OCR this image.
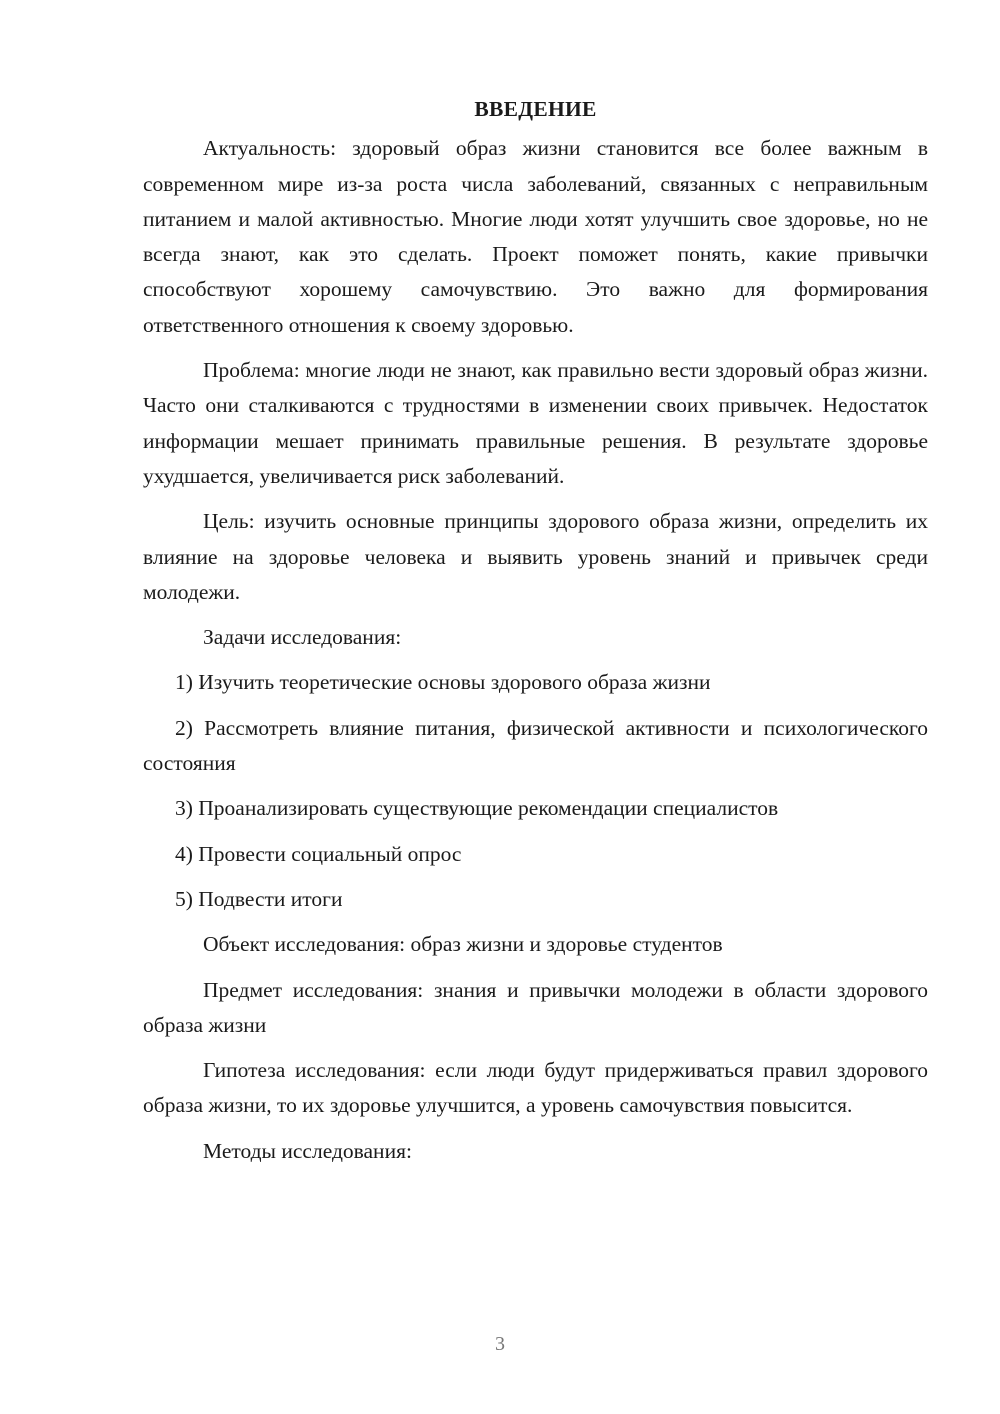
ВВЕДЕНИЕ

Актуальность: здоровый образ жизни становится все более важным в современном мире из-за роста числа заболеваний, связанных с неправильным питанием и малой активностью. Многие люди хотят улучшить свое здоровье, но не всегда знают, как это сделать. Проект поможет понять, какие привычки способствуют хорошему самочувствию. Это важно для формирования ответственного отношения к своему здоровью.

Проблема: многие люди не знают, как правильно вести здоровый образ жизни. Часто они сталкиваются с трудностями в изменении своих привычек. Недостаток информации мешает принимать правильные решения. В результате здоровье ухудшается, увеличивается риск заболеваний.

Цель: изучить основные принципы здорового образа жизни, определить их влияние на здоровье человека и выявить уровень знаний и привычек среди молодежи.

Задачи исследования:

1) Изучить теоретические основы здорового образа жизни

2) Рассмотреть влияние питания, физической активности и психологического состояния

3) Проанализировать существующие рекомендации специалистов

4) Провести социальный опрос

5) Подвести итоги

Объект исследования: образ жизни и здоровье студентов

Предмет исследования: знания и привычки молодежи в области здорового образа жизни

Гипотеза исследования: если люди будут придерживаться правил здорового образа жизни, то их здоровье улучшится, а уровень самочувствия повысится.

Методы исследования:

3
